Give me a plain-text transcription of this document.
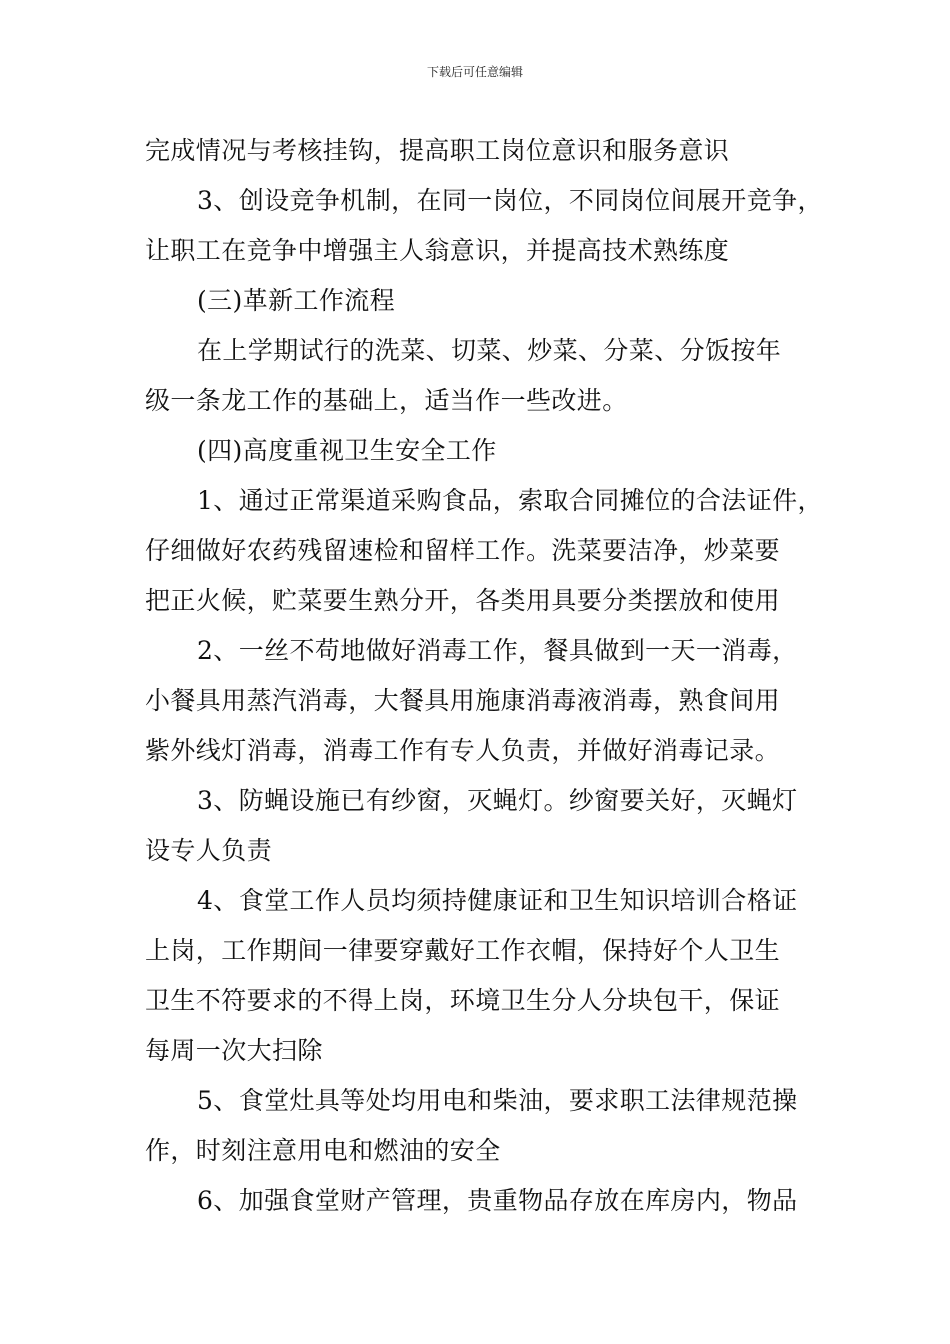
下载后可任意编辑
完成情况与考核挂钩，提高职工岗位意识和服务意识
3、创设竞争机制，在同一岗位，不同岗位间展开竞争，
让职工在竞争中增强主人翁意识，并提高技术熟练度
(三)革新工作流程
在上学期试行的洗菜、切菜、炒菜、分菜、分饭按年
级一条龙工作的基础上，适当作一些改进。
(四)高度重视卫生安全工作
1、通过正常渠道采购食品，索取合同摊位的合法证件，
仔细做好农药残留速检和留样工作。洗菜要洁净，炒菜要
把正火候，贮菜要生熟分开，各类用具要分类摆放和使用
2、一丝不苟地做好消毒工作，餐具做到一天一消毒，
小餐具用蒸汽消毒，大餐具用施康消毒液消毒，熟食间用
紫外线灯消毒，消毒工作有专人负责，并做好消毒记录。
3、防蝇设施已有纱窗，灭蝇灯。纱窗要关好，灭蝇灯
设专人负责
4、食堂工作人员均须持健康证和卫生知识培训合格证
上岗，工作期间一律要穿戴好工作衣帽，保持好个人卫生
卫生不符要求的不得上岗，环境卫生分人分块包干，保证
每周一次大扫除
5、食堂灶具等处均用电和柴油，要求职工法律规范操
作，时刻注意用电和燃油的安全
6、加强食堂财产管理，贵重物品存放在库房内，物品
